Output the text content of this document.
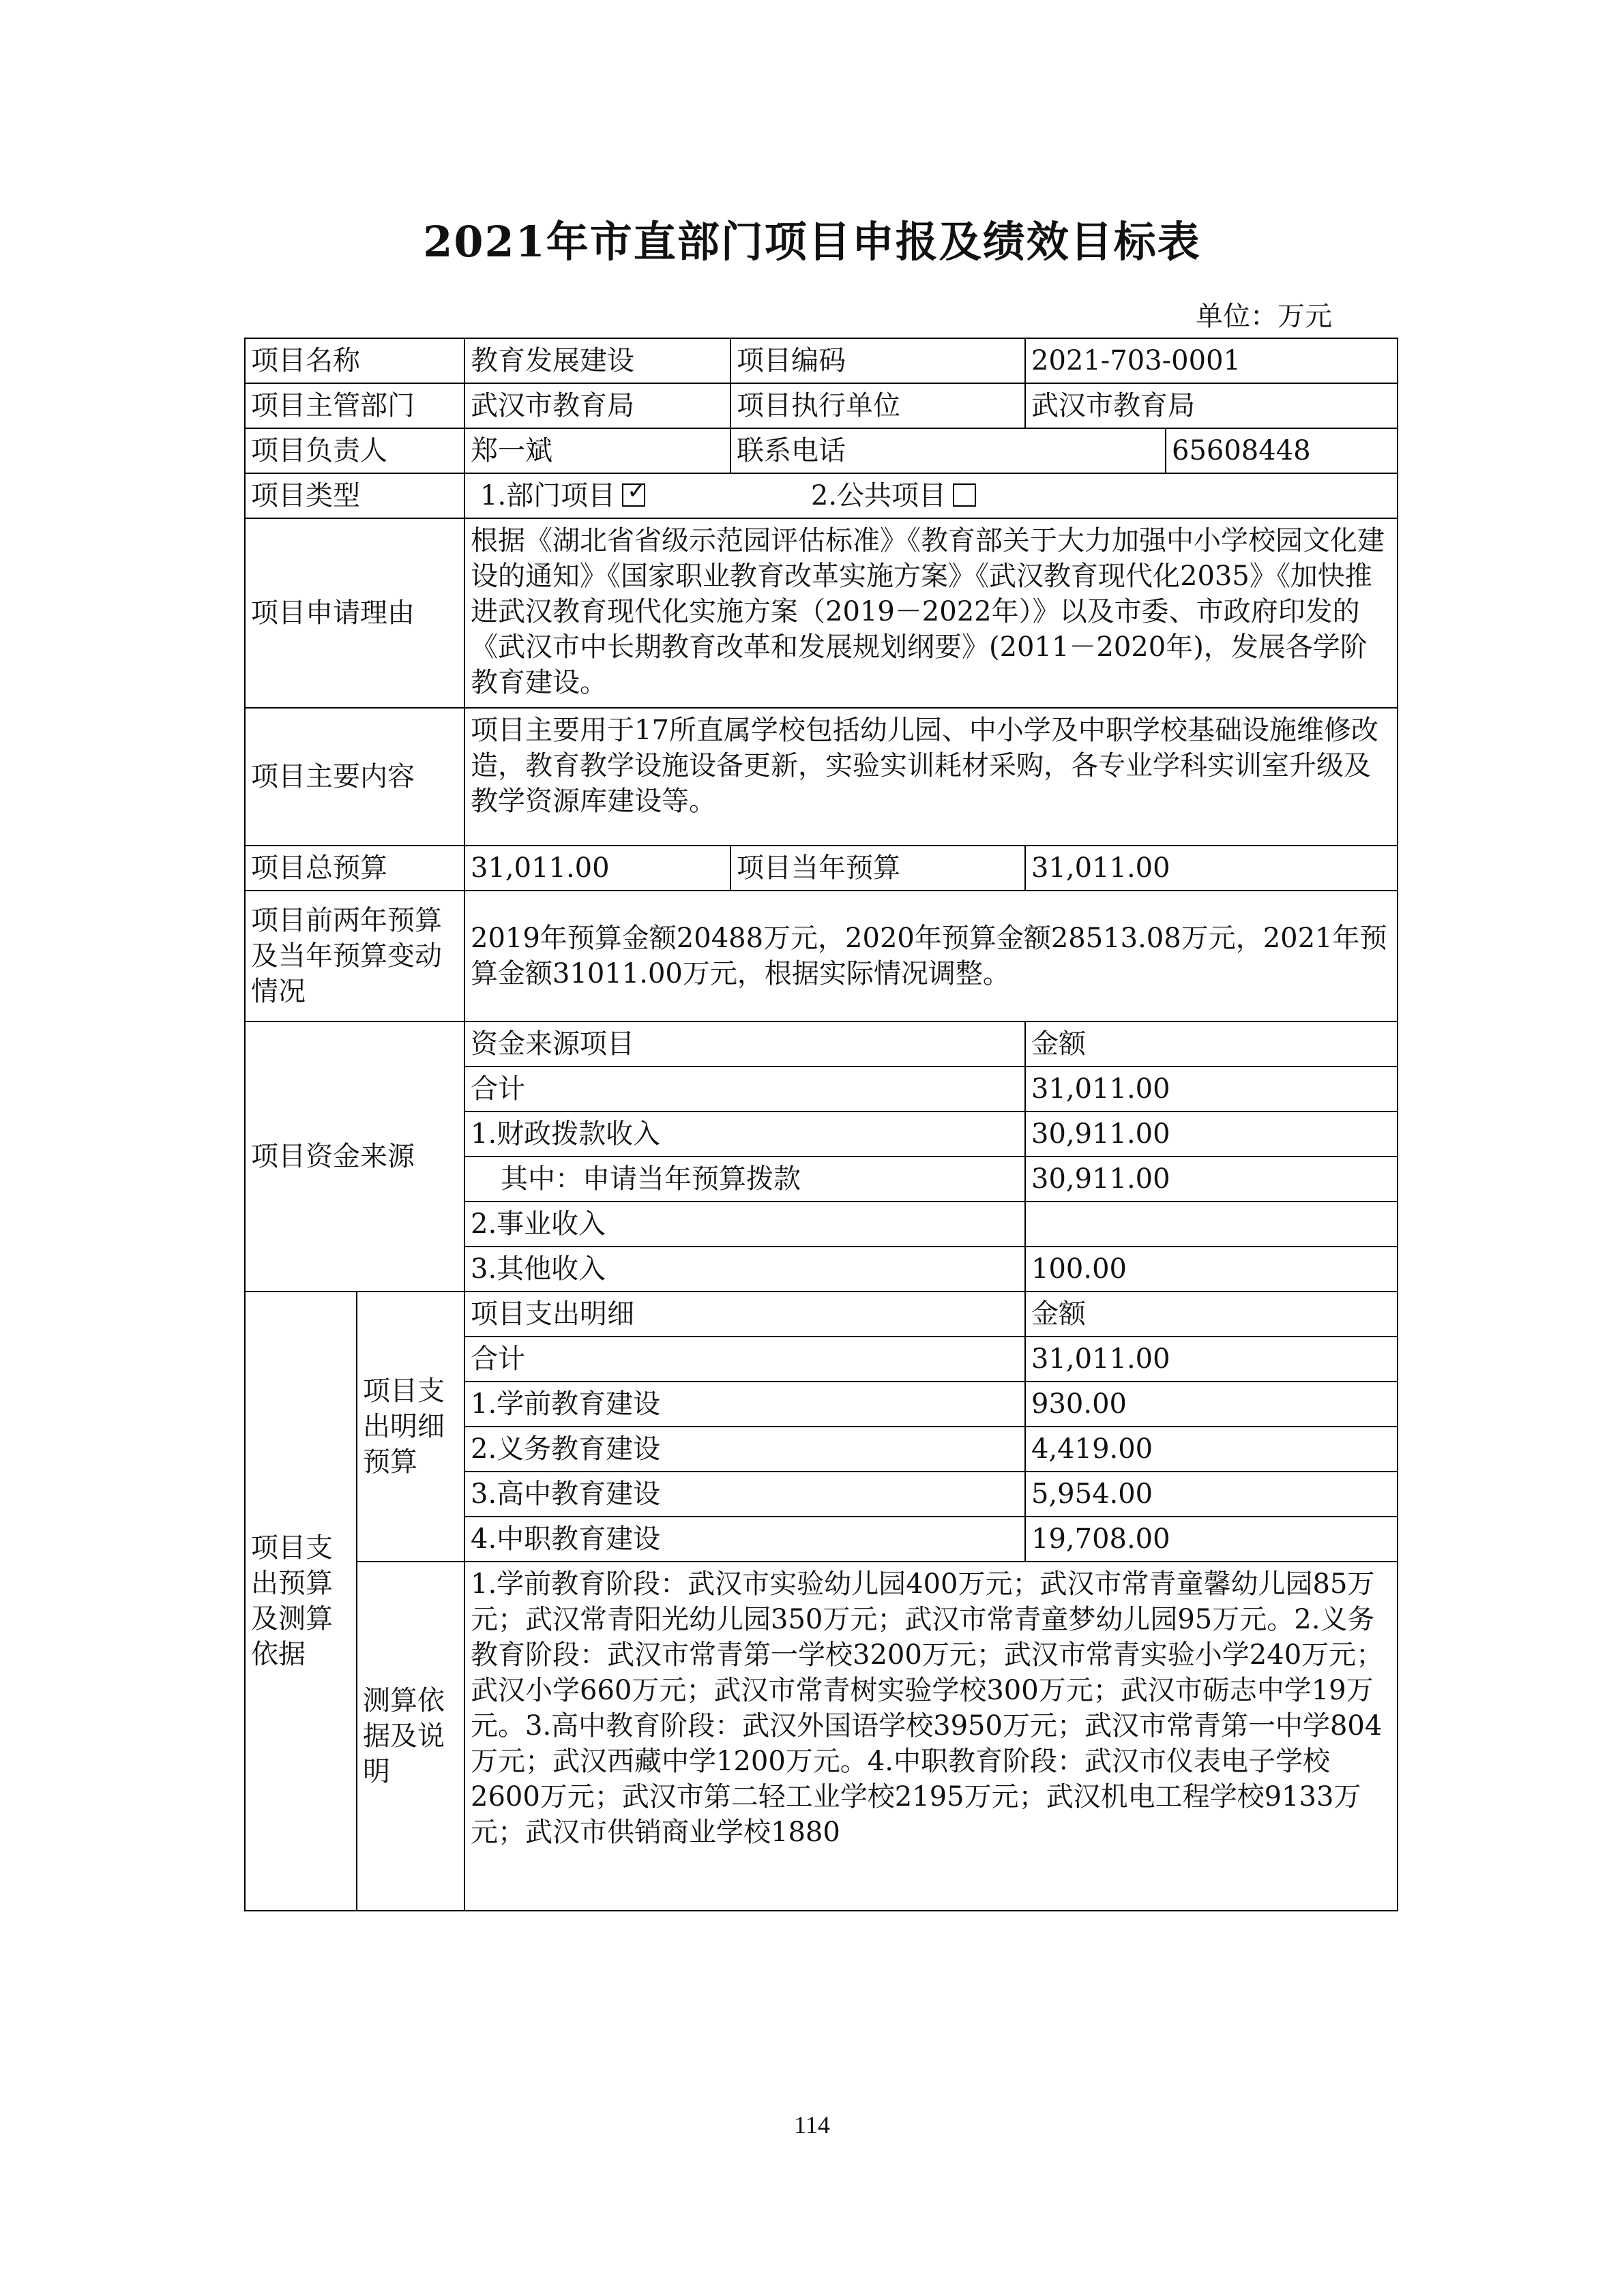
2021年市直部门项目申报及绩效目标表
单位：万元
项目名称		教育发展建设	项目编码	2021-703-0001	
项目主管部门		武汉市教育局	项目执行单位	武汉市教育局	
项目负责人		郑一斌	联系电话		65608448
项目类型		1.部门项目 ✓ 2.公共项目			
项目申请理由		根据《湖北省省级示范园评估标准》《教育部关于大力加强中小学校园文化建设的通知》《国家职业教育改革实施方案》《武汉教育现代化2035》《加快推进武汉教育现代化实施方案（2019－2022年）》以及市委、市政府印发的《武汉市中长期教育改革和发展规划纲要》(2011－2020年)，发展各学阶教育建设。			
项目主要内容		项目主要用于17所直属学校包括幼儿园、中小学及中职学校基础设施维修改造，教育教学设施设备更新，实验实训耗材采购，各专业学科实训室升级及教学资源库建设等。			
项目总预算		31,011.00	项目当年预算	31,011.00	
项目前两年预算及当年预算变动情况		2019年预算金额20488万元，2020年预算金额28513.08万元，2021年预算金额31011.00万元，根据实际情况调整。			
项目资金来源		资金来源项目		金额	
		合计		31,011.00	
		1.财政拨款收入		30,911.00	
		其中：申请当年预算拨款		30,911.00	
		2.事业收入			
		3.其他收入		100.00	
项目支出预算及测算依据	项目支出明细预算	项目支出明细		金额	
		合计		31,011.00	
		1.学前教育建设		930.00	
		2.义务教育建设		4,419.00	
		3.高中教育建设		5,954.00	
		4.中职教育建设		19,708.00	
	测算依据及说明	1.学前教育阶段：武汉市实验幼儿园400万元；武汉市常青童馨幼儿园85万元；武汉常青阳光幼儿园350万元；武汉市常青童梦幼儿园95万元。2.义务教育阶段：武汉市常青第一学校3200万元；武汉市常青实验小学240万元；武汉小学660万元；武汉市常青树实验学校300万元；武汉市砺志中学19万元。3.高中教育阶段：武汉外国语学校3950万元；武汉市常青第一中学804万元；武汉西藏中学1200万元。4.中职教育阶段：武汉市仪表电子学校2600万元；武汉市第二轻工业学校2195万元；武汉机电工程学校9133万元；武汉市供销商业学校1880			
114
